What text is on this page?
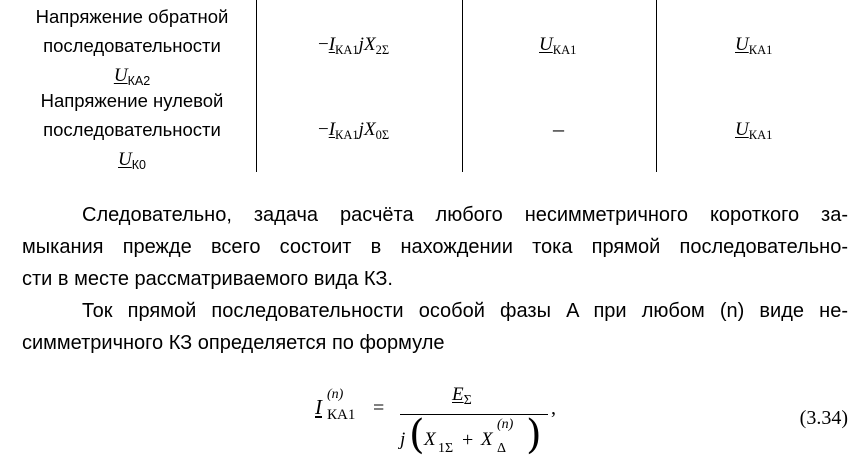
Напряжение обратной
последовательности
$U_{КА2}$
$-I_{КА1}jX_{2\Sigma}$	$U_{КА1}$	$U_{КА1}$
Напряжение нулевой
последовательности
$U_{К0}$
$-I_{КА1}jX_{0\Sigma}$	–	$U_{КА1}$
Следовательно, задача расчёта любого несимметричного короткого за-
мыкания прежде всего состоит в нахождении тока прямой последовательно-
сти в месте рассматриваемого вида КЗ.
Ток прямой последовательности особой фазы A при любом (n) виде не-
симметричного КЗ определяется по формуле
I
(n)
КА1 =
$E_\Sigma$
j ( X 1Σ + X
(n)
Δ )
,	(3.34)
